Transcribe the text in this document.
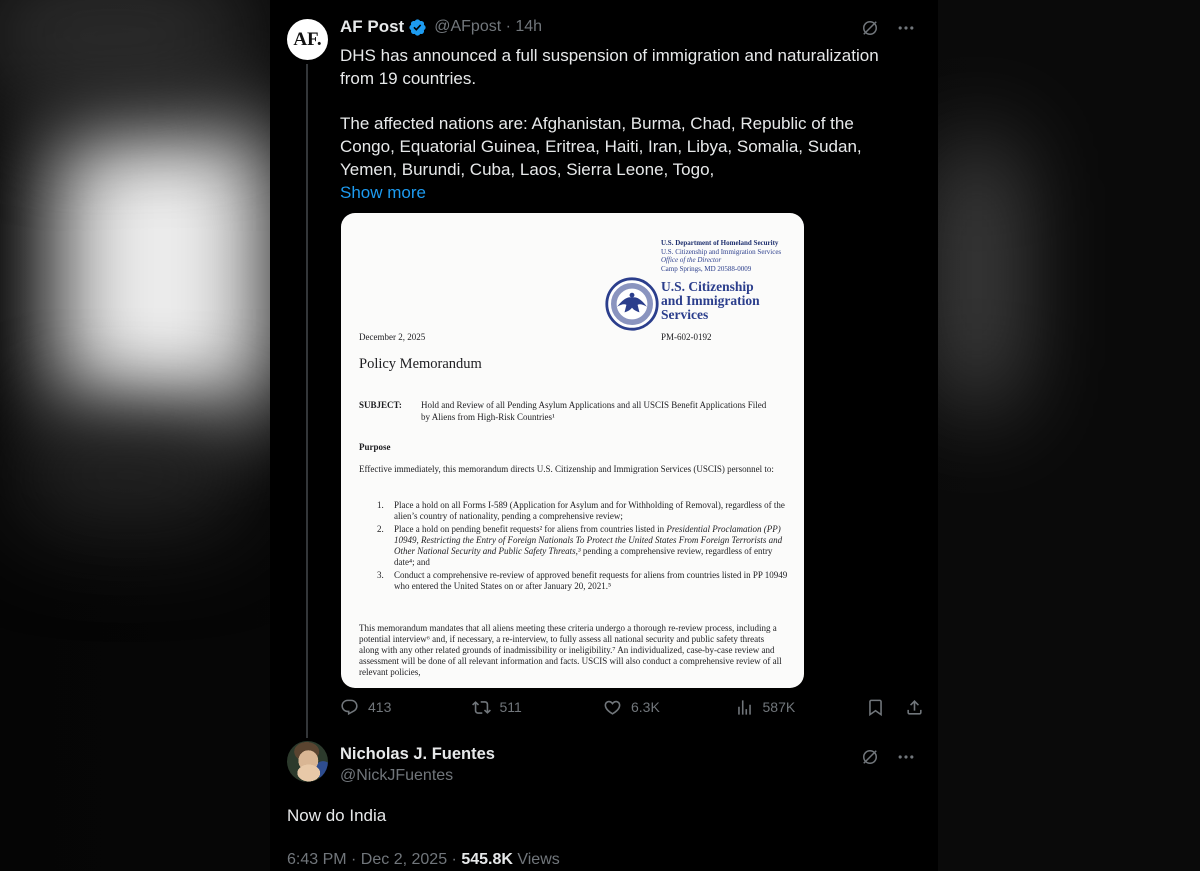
AF.
AF Post @AFpost · 14h
DHS has announced a full suspension of immigration and naturalization
from 19 countries.
The affected nations are: Afghanistan, Burma, Chad, Republic of the
Congo, Equatorial Guinea, Eritrea, Haiti, Iran, Libya, Somalia, Sudan,
Yemen, Burundi, Cuba, Laos, Sierra Leone, Togo,
Show more
U.S. Department of Homeland Security
U.S. Citizenship and Immigration Services
Office of the Director
Camp Springs, MD 20588-0009
U.S. Citizenship
and Immigration
Services
December 2, 2025	PM-602-0192
Policy Memorandum
SUBJECT: Hold and Review of all Pending Asylum Applications and all USCIS Benefit Applications Filed by Aliens from High-Risk Countries¹
Purpose
Effective immediately, this memorandum directs U.S. Citizenship and Immigration Services (USCIS) personnel to:
1. Place a hold on all Forms I-589 (Application for Asylum and for Withholding of Removal), regardless of the alien’s country of nationality, pending a comprehensive review;
2. Place a hold on pending benefit requests² for aliens from countries listed in Presidential Proclamation (PP) 10949, Restricting the Entry of Foreign Nationals To Protect the United States From Foreign Terrorists and Other National Security and Public Safety Threats,³ pending a comprehensive review, regardless of entry date⁴; and
3. Conduct a comprehensive re-review of approved benefit requests for aliens from countries listed in PP 10949 who entered the United States on or after January 20, 2021.⁵
This memorandum mandates that all aliens meeting these criteria undergo a thorough re-review process, including a potential interview⁶ and, if necessary, a re-interview, to fully assess all national security and public safety threats along with any other related grounds of inadmissibility or ineligibility.⁷ An individualized, case-by-case review and assessment will be done of all relevant information and facts. USCIS will also conduct a comprehensive review of all relevant policies,
413	511	6.3K	587K
Nicholas J. Fuentes
@NickJFuentes
Now do India
6:43 PM · Dec 2, 2025 · 545.8K Views
